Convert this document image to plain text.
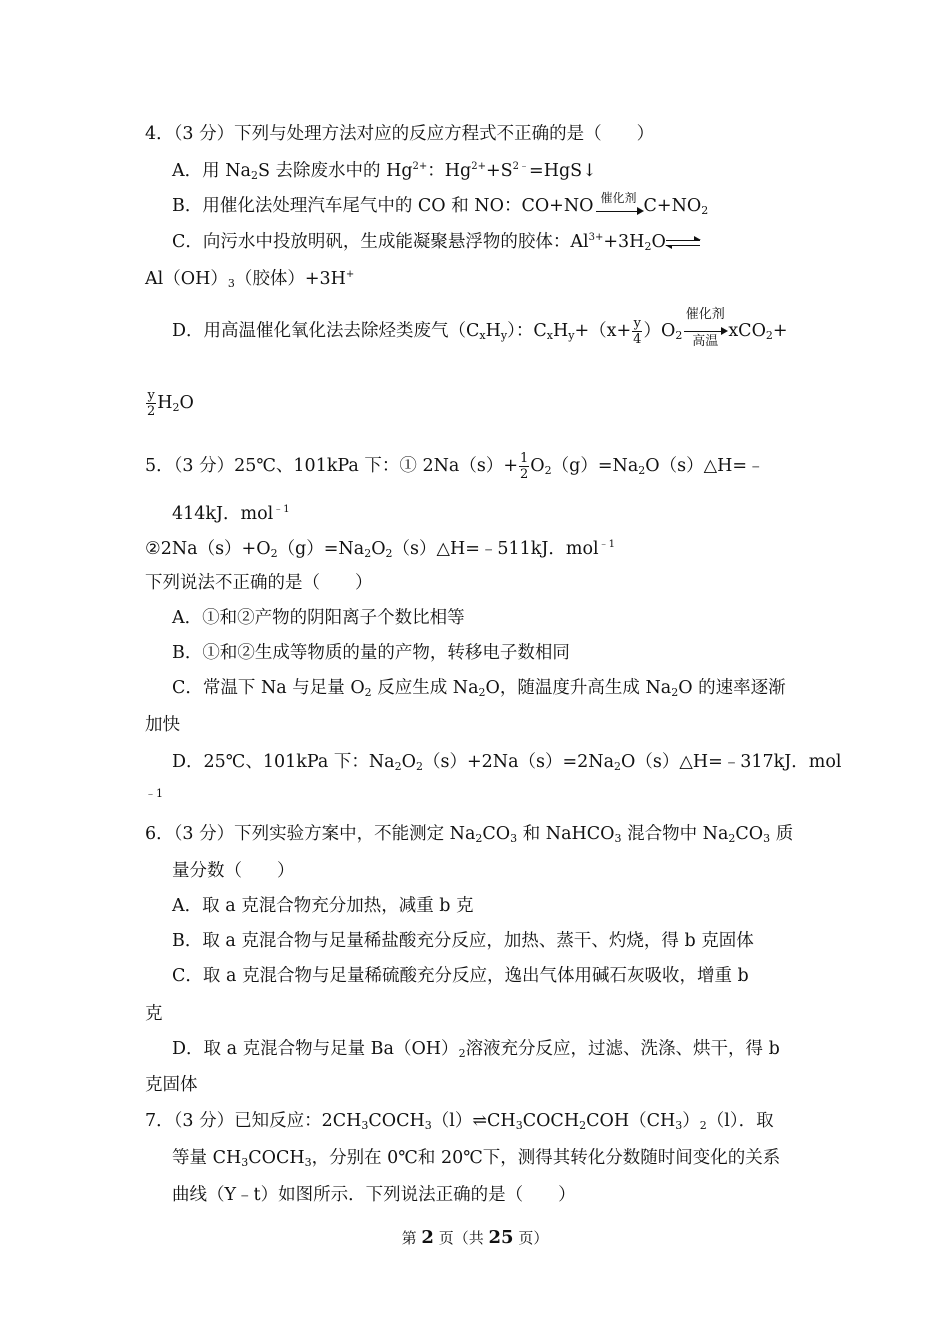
4．（3 分）下列与处理方法对应的反应方程式不正确的是（　　）
A．用 $Na_2S$ 去除废水中的 $Hg^{2+}$：$Hg^{2+}+S^{2﹣}=HgS↓$
B．用催化法处理汽车尾气中的 CO 和 NO：CO+NO 催化剂 $C+NO_2$
C．向污水中投放明矾，生成能凝聚悬浮物的胶体：$Al^{3+}+3H_2O$
$Al(OH)_3$（胶体）+3H+
D．用高温催化氧化法去除烃类废气$(C_xH_y)$：$C_xH_y+(x+ \frac{y}{4} )O_2$
催化剂
高温 xCO$_2$+
$\frac{y}{2} H_2O$
5．（3 分）25℃、101kPa 下：① $2Na(s)+ \frac{1}{2}$ $O_2(g)=Na_2O(s)\triangle H=﹣$
414kJ．mol$^{﹣1}$
$②2Na(s)+O_2(g)=Na_2O_2(s)\triangle H=﹣511kJ$．mol$^{﹣1}$
下列说法不正确的是（　　）
A．①和②产物的阴阳离子个数比相等
B．①和②生成等物质的量的产物，转移电子数相同
C．常温下 Na 与足量 $O_2$ 反应生成 $Na_2O$，随温度升高生成 $Na_2O$ 的速率逐渐
加快
D．25℃、101kPa 下：$Na_2O_2(s)+2Na(s)=2Na_2O(s)\triangle H=﹣317kJ$．mol
﹣1
6．（3 分）下列实验方案中，不能测定 $Na_2CO_3$ 和 NaHCO$_3$ 混合物中 $Na_2CO_3$ 质
量分数（　　）
A．取 a 克混合物充分加热，减重 b 克
B．取 a 克混合物与足量稀盐酸充分反应，加热、蒸干、灼烧，得 b 克固体
C．取 a 克混合物与足量稀硫酸充分反应，逸出气体用碱石灰吸收，增重 b
克
D．取 a 克混合物与足量 $Ba(OH)_2$溶液充分反应，过滤、洗涤、烘干，得 b
克固体
7．（3 分）已知反应：$2CH_3COCH_3(l)\rightleftharpoons CH_3COCH_2COH(CH_3)_2(l)$．取
等量 $CH_3COCH_3$，分别在 0℃和 20℃下，测得其转化分数随时间变化的关系
曲线（Y﹣t）如图所示．下列说法正确的是（　　）
第 2 页（共 25 页）
